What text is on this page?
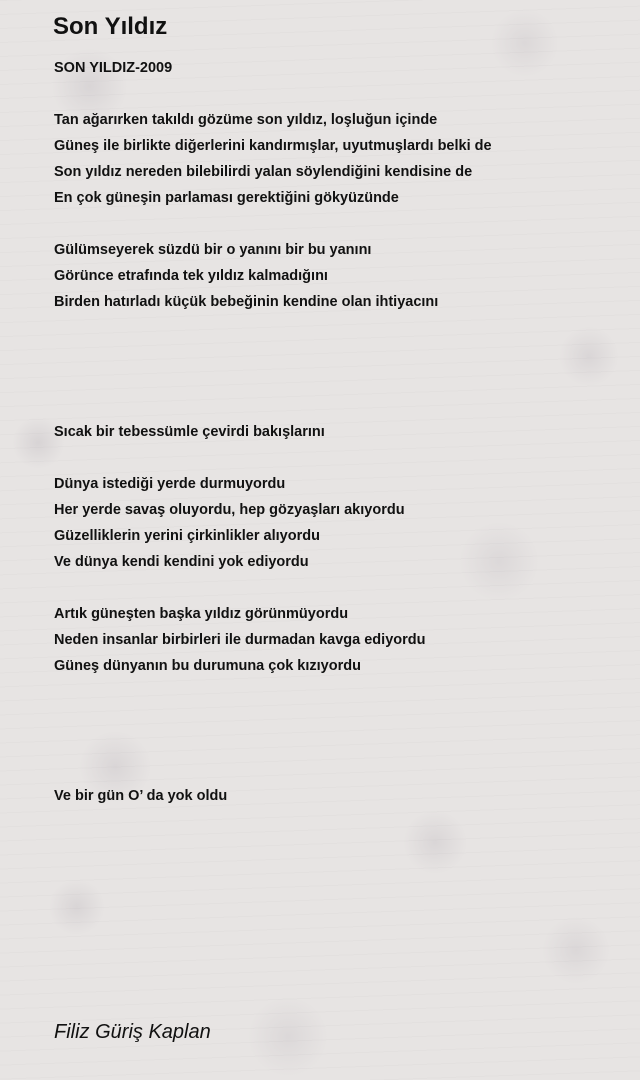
Son Yıldız
SON YILDIZ-2009
Tan ağarırken takıldı gözüme son yıldız, loşluğun içinde
Güneş ile birlikte diğerlerini kandırmışlar, uyutmuşlardı belki de
Son yıldız nereden bilebilirdi yalan söylendiğini kendisine de
En çok güneşin parlaması gerektiğini gökyüzünde
Gülümseyerek süzdü bir o yanını bir bu yanını
Görünce etrafında tek yıldız kalmadığını
Birden hatırladı küçük bebeğinin kendine olan ihtiyacını
Sıcak bir tebessümle çevirdi bakışlarını
Dünya istediği yerde durmuyordu
Her yerde savaş oluyordu, hep gözyaşları akıyordu
Güzelliklerin yerini çirkinlikler alıyordu
Ve dünya kendi kendini yok ediyordu
Artık güneşten başka yıldız görünmüyordu
Neden insanlar birbirleri ile durmadan kavga ediyordu
Güneş dünyanın bu durumuna çok kızıyordu
Ve bir gün O’ da yok oldu
Filiz Güriş Kaplan
